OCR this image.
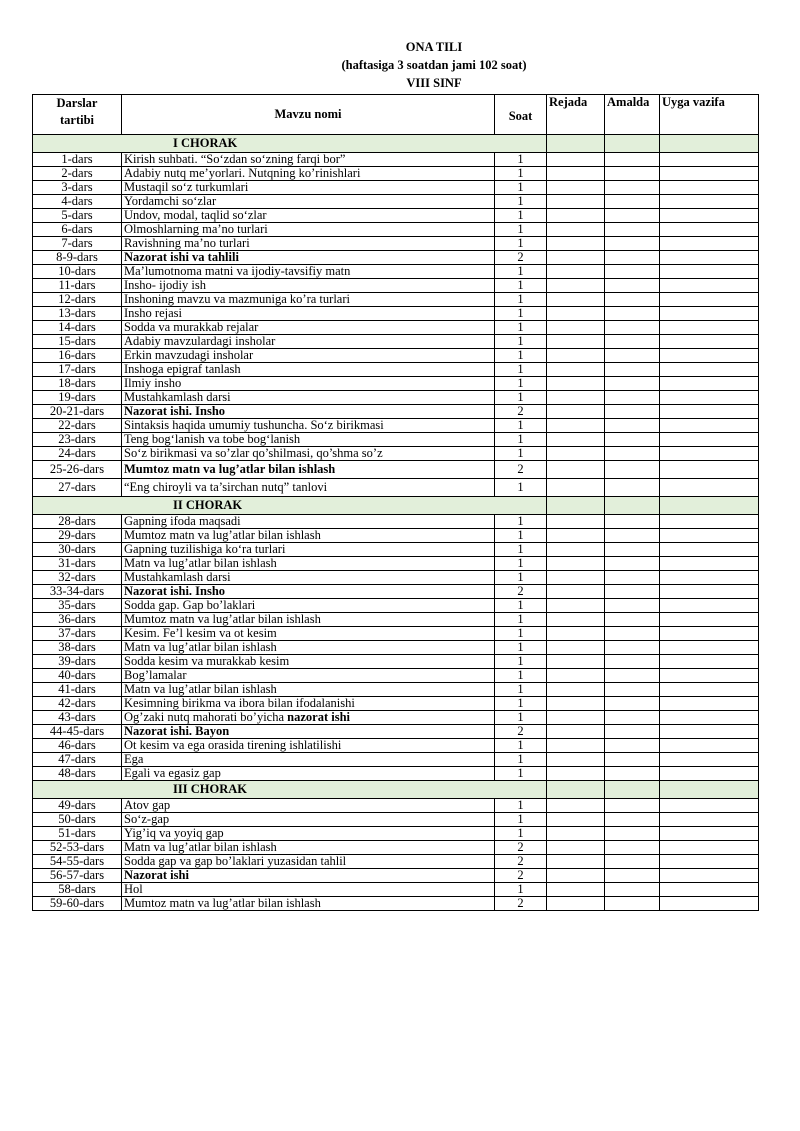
ONA TILI
(haftasiga 3 soatdan jami 102 soat)
VIII SINF
Darslar
tartibi	Mavzu nomi	Soat	Rejada	Amalda	Uyga vazifa
I CHORAK					
1-dars	Kirish suhbati. “So‘zdan so‘zning farqi bor”	1			
2-dars	Adabiy nutq me’yorlari. Nutqning ko’rinishlari	1			
3-dars	Mustaqil so‘z turkumlari	1			
4-dars	Yordamchi so‘zlar	1			
5-dars	Undov, modal, taqlid so‘zlar	1			
6-dars	Olmoshlarning ma’no turlari	1			
7-dars	Ravishning ma’no turlari	1			
8-9-dars	Nazorat ishi va tahlili	2			
10-dars	Ma’lumotnoma matni va ijodiy-tavsifiy matn	1			
11-dars	Insho- ijodiy ish	1			
12-dars	Inshoning mavzu va mazmuniga ko’ra turlari	1			
13-dars	Insho rejasi	1			
14-dars	Sodda va murakkab rejalar	1			
15-dars	Adabiy mavzulardagi insholar	1			
16-dars	Erkin mavzudagi insholar	1			
17-dars	Inshoga epigraf tanlash	1			
18-dars	Ilmiy insho	1			
19-dars	Mustahkamlash darsi	1			
20-21-dars	Nazorat ishi. Insho	2			
22-dars	Sintaksis haqida umumiy tushuncha. So‘z birikmasi	1			
23-dars	Teng bog‘lanish va tobe bog‘lanish	1			
24-dars	So‘z birikmasi va so’zlar qo’shilmasi, qo’shma so’z	1			
25-26-dars	Mumtoz matn va lug’atlar bilan ishlash	2			
27-dars	“Eng chiroyli va ta’sirchan nutq” tanlovi	1			
II CHORAK					
28-dars	Gapning ifoda maqsadi	1			
29-dars	Mumtoz matn va lug’atlar bilan ishlash	1			
30-dars	Gapning tuzilishiga ko‘ra turlari	1			
31-dars	Matn va lug’atlar bilan ishlash	1			
32-dars	Mustahkamlash darsi	1			
33-34-dars	Nazorat ishi. Insho	2			
35-dars	Sodda gap. Gap bo’laklari	1			
36-dars	Mumtoz matn va lug’atlar bilan ishlash	1			
37-dars	Kesim. Fe’l kesim va ot kesim	1			
38-dars	Matn va lug’atlar bilan ishlash	1			
39-dars	Sodda kesim va murakkab kesim	1			
40-dars	Bog’lamalar	1			
41-dars	Matn va lug’atlar bilan ishlash	1			
42-dars	Kesimning birikma va ibora bilan ifodalanishi	1			
43-dars	Og’zaki nutq mahorati bo’yicha nazorat ishi	1			
44-45-dars	Nazorat ishi. Bayon	2			
46-dars	Ot kesim va ega orasida tirening ishlatilishi	1			
47-dars	Ega	1			
48-dars	Egali va egasiz gap	1			
III CHORAK					
49-dars	Atov gap	1			
50-dars	So‘z-gap	1			
51-dars	Yig’iq va yoyiq gap	1			
52-53-dars	Matn va lug’atlar bilan ishlash	2			
54-55-dars	Sodda gap va gap bo’laklari yuzasidan tahlil	2			
56-57-dars	Nazorat ishi	2			
58-dars	Hol	1			
59-60-dars	Mumtoz matn va lug’atlar bilan ishlash	2			
